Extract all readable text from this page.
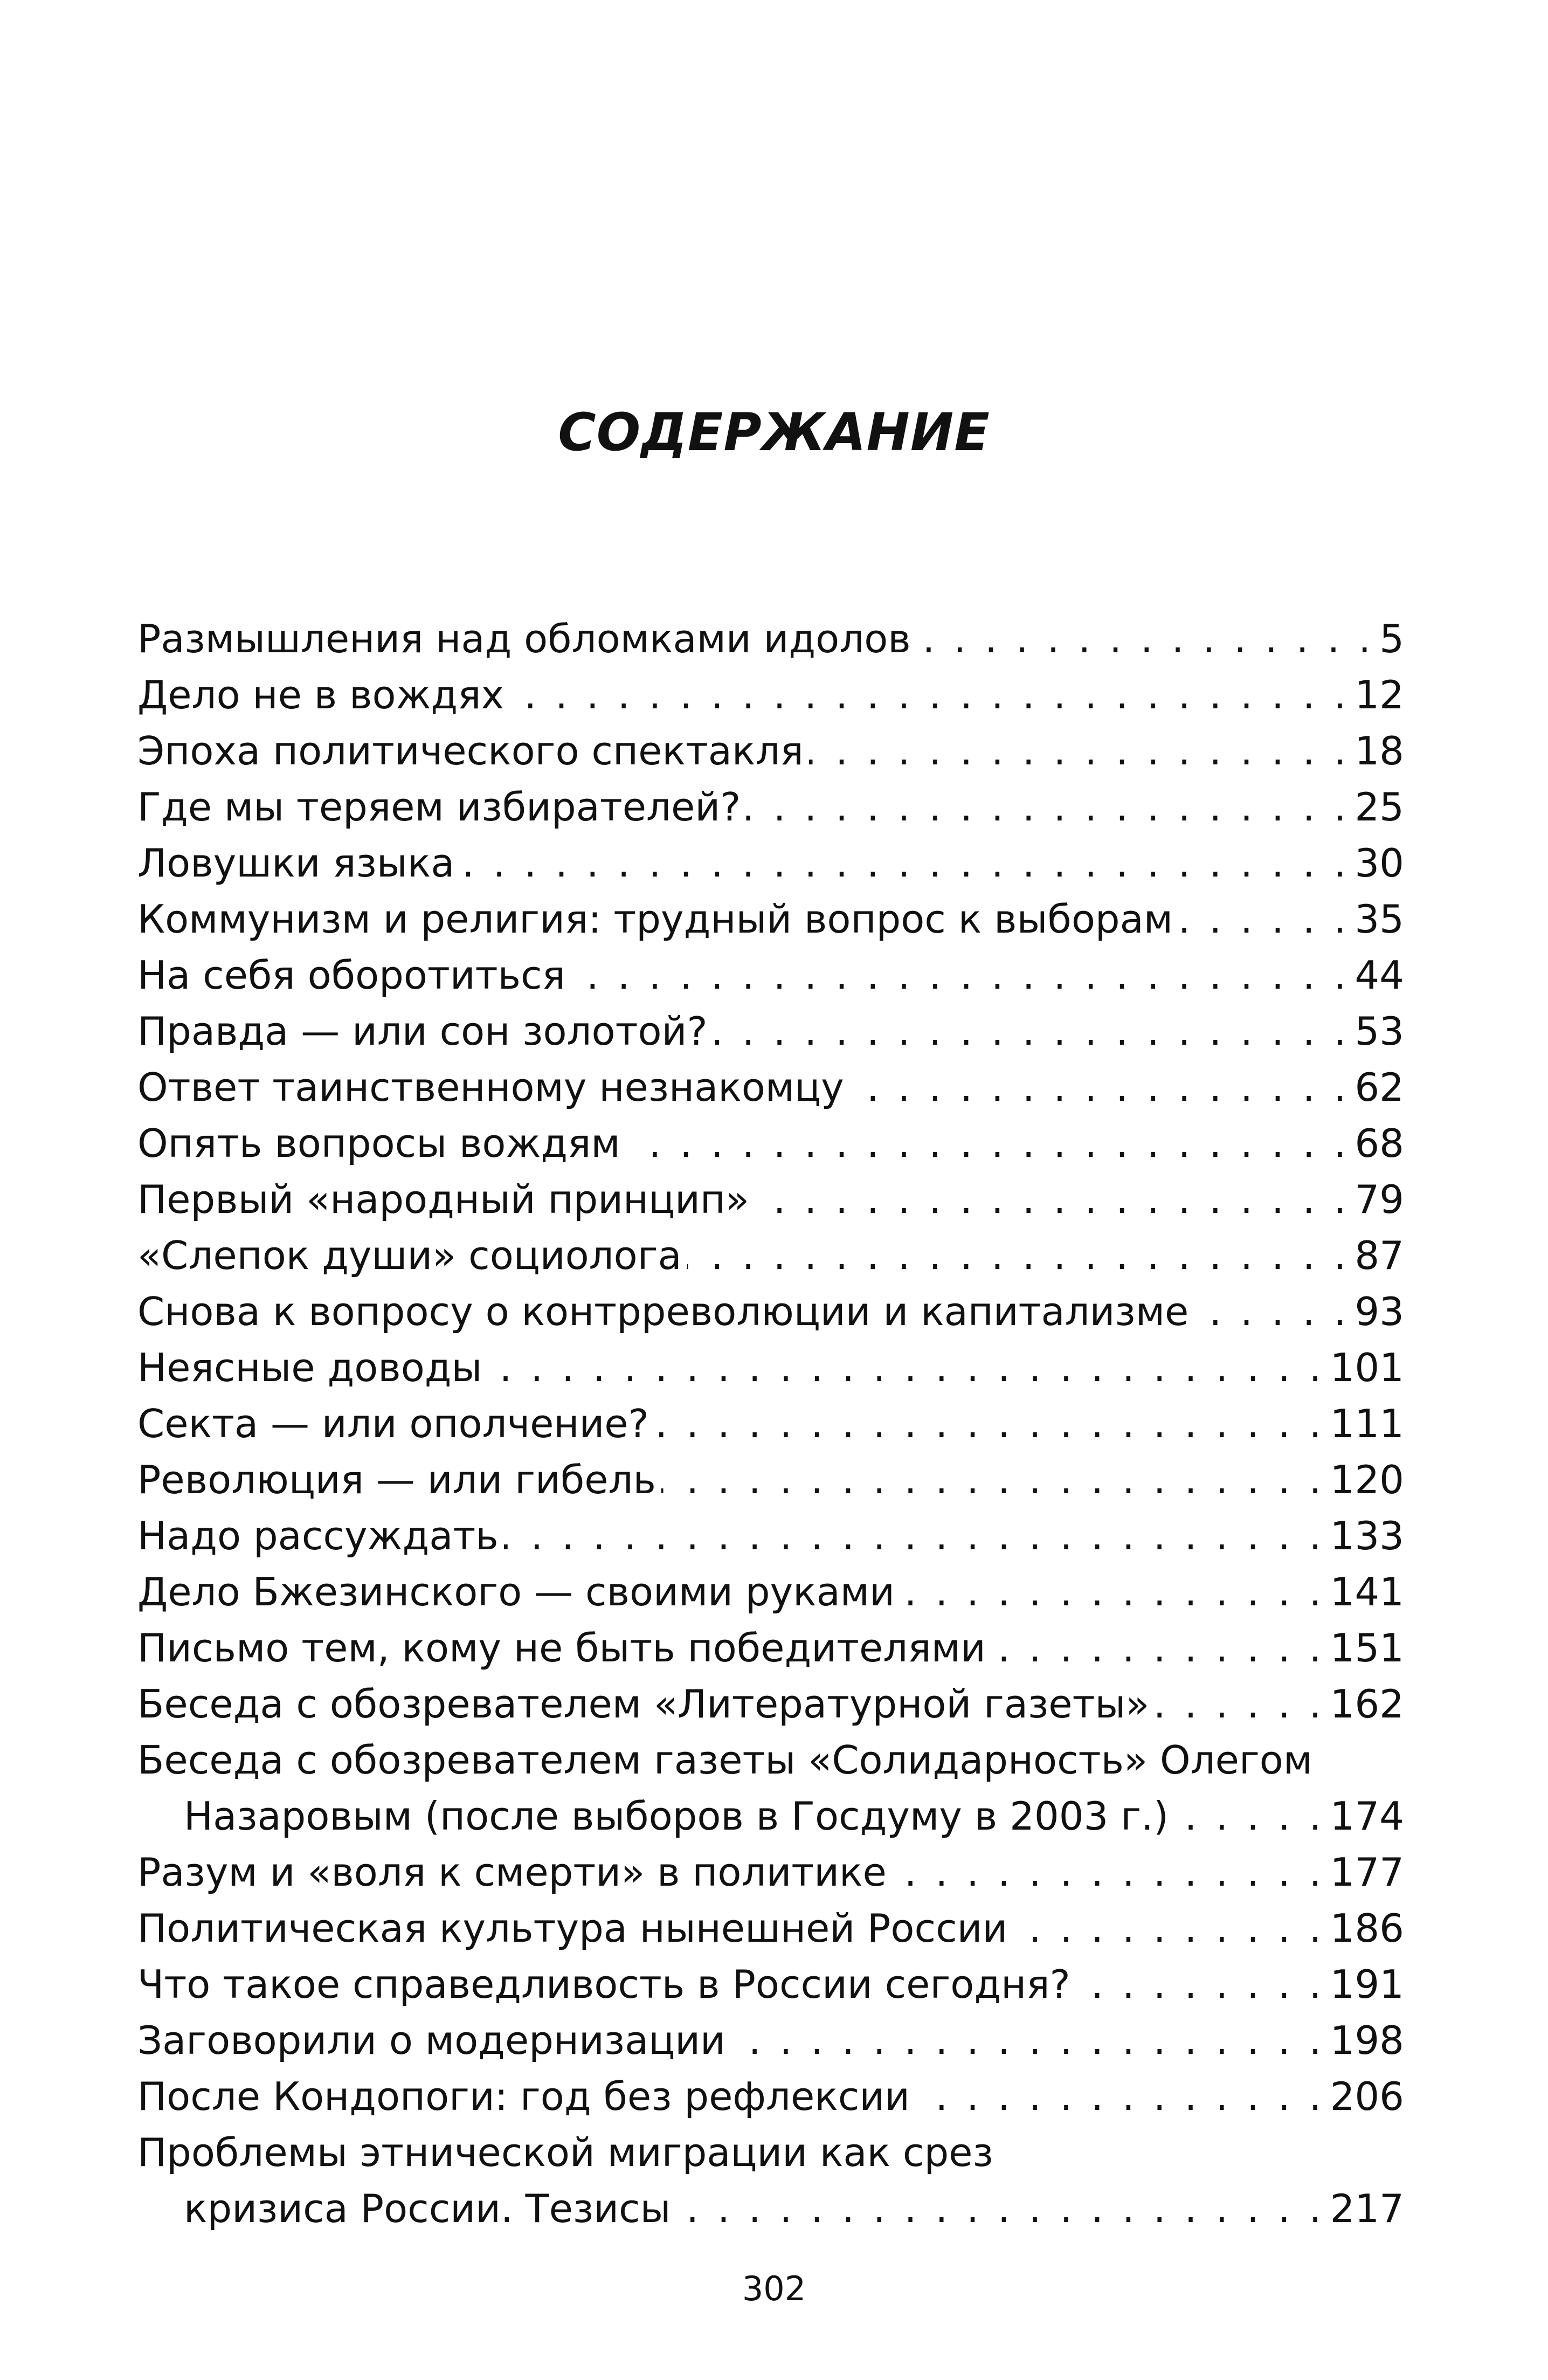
СОДЕРЖАНИЕ
Размышления над обломками идолов . . .	5
Дело не в вождях . . .	12
Эпоха политического спектакля . . .	18
Где мы теряем избирателей? . . .	25
Ловушки языка . . .	30
Коммунизм и религия: трудный вопрос к выборам . . .	35
На себя оборотиться . . .	44
Правда — или сон золотой? . . .	53
Ответ таинственному незнакомцу . . .	62
Опять вопросы вождям . . .	68
Первый «народный принцип» . . .	79
«Слепок души» социолога . . .	87
Снова к вопросу о контрреволюции и капитализме . . .	93
Неясные доводы . . .	101
Секта — или ополчение? . . .	111
Революция — или гибель . . .	120
Надо рассуждать . . .	133
Дело Бжезинского — своими руками . . .	141
Письмо тем, кому не быть победителями . . .	151
Беседа с обозревателем «Литературной газеты» . . .	162
Беседа с обозревателем газеты «Солидарность» Олегом
Назаровым (после выборов в Госдуму в 2003 г.) . . .	174
Разум и «воля к смерти» в политике . . .	177
Политическая культура нынешней России . . .	186
Что такое справедливость в России сегодня? . . .	191
Заговорили о модернизации . . .	198
После Кондопоги: год без рефлексии . . .	206
Проблемы этнической миграции как срез
кризиса России. Тезисы . . .	217
302
